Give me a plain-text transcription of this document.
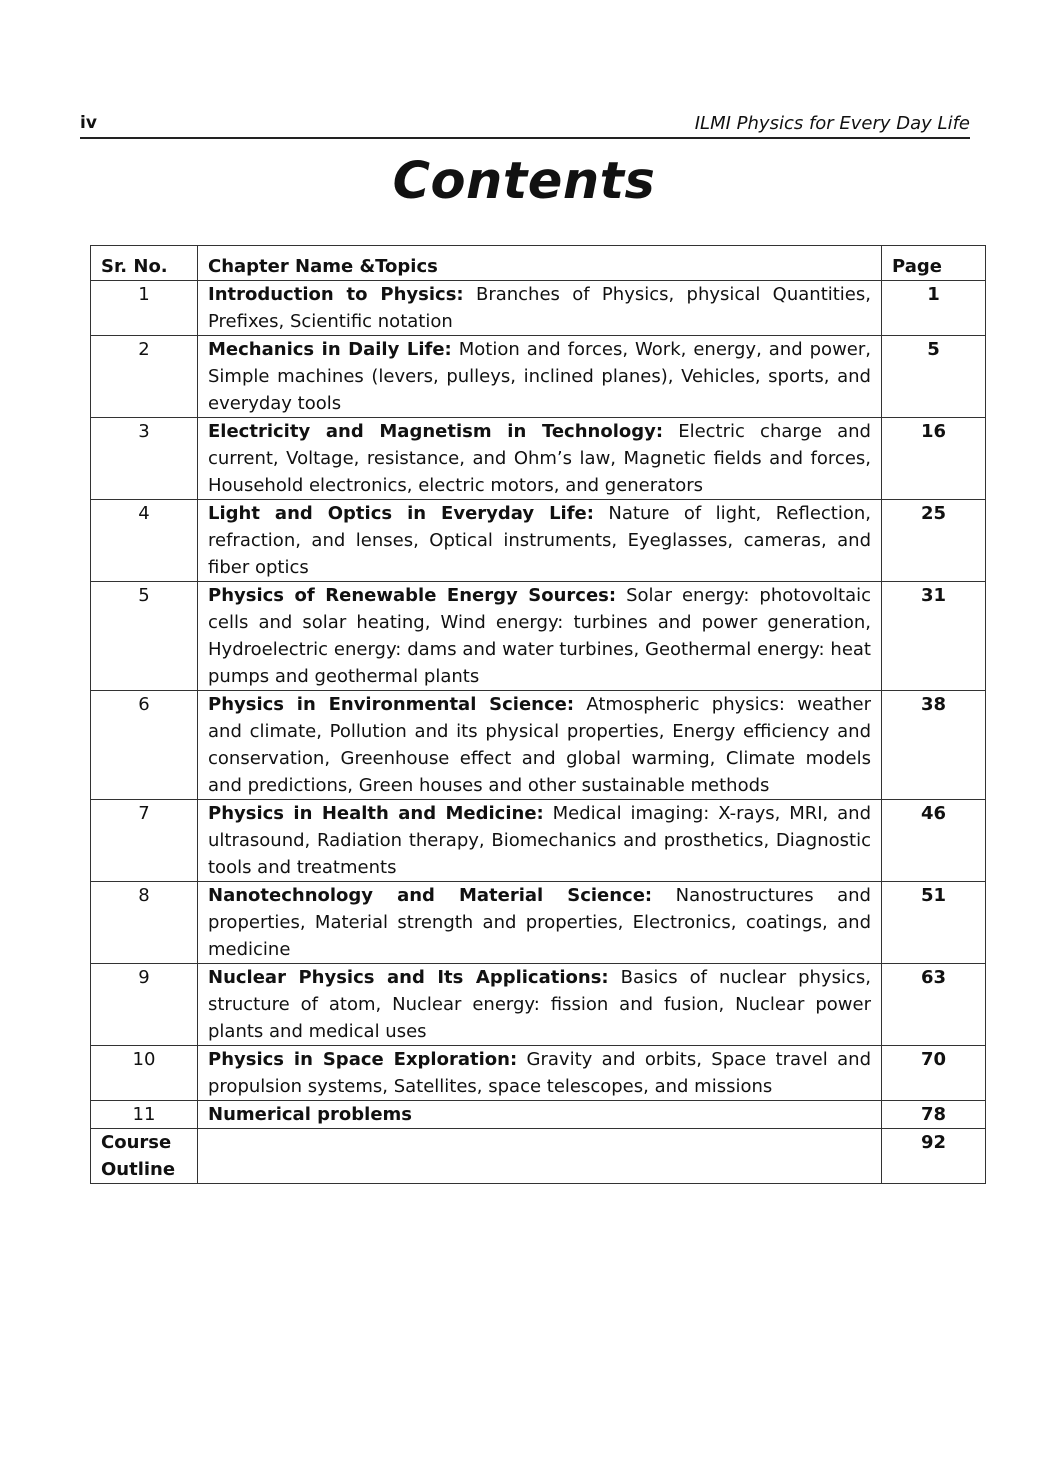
iv	ILMI Physics for Every Day Life
Contents
Sr. No.	Chapter Name &Topics	Page
1	Introduction to Physics: Branches of Physics, physical Quantities, Prefixes, Scientific notation	1
2	Mechanics in Daily Life: Motion and forces, Work, energy, and power, Simple machines (levers, pulleys, inclined planes), Vehicles, sports, and everyday tools	5
3	Electricity and Magnetism in Technology: Electric charge and current, Voltage, resistance, and Ohm’s law, Magnetic fields and forces, Household electronics, electric motors, and generators	16
4	Light and Optics in Everyday Life: Nature of light, Reflection, refraction, and lenses, Optical instruments, Eyeglasses, cameras, and fiber optics	25
5	Physics of Renewable Energy Sources: Solar energy: photovoltaic cells and solar heating, Wind energy: turbines and power generation, Hydroelectric energy: dams and water turbines, Geothermal energy: heat pumps and geothermal plants	31
6	Physics in Environmental Science: Atmospheric physics: weather and climate, Pollution and its physical properties, Energy efficiency and conservation, Greenhouse effect and global warming, Climate models and predictions, Green houses and other sustainable methods	38
7	Physics in Health and Medicine: Medical imaging: X-rays, MRI, and ultrasound, Radiation therapy, Biomechanics and prosthetics, Diagnostic tools and treatments	46
8	Nanotechnology and Material Science: Nanostructures and properties, Material strength and properties, Electronics, coatings, and medicine	51
9	Nuclear Physics and Its Applications: Basics of nuclear physics, structure of atom, Nuclear energy: fission and fusion, Nuclear power plants and medical uses	63
10	Physics in Space Exploration: Gravity and orbits, Space travel and propulsion systems, Satellites, space telescopes, and missions	70
11	Numerical problems	78
Course Outline		92
